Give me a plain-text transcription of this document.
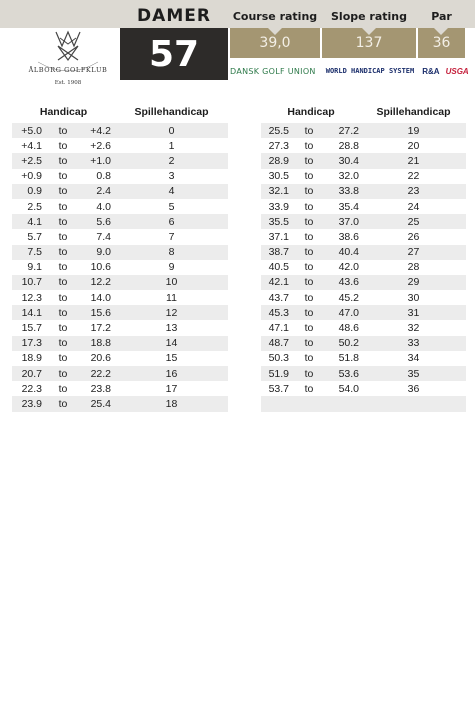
ÅLBORG GOLFKLUB
Est. 1908
DAMER
57
Course rating	Slope rating	Par
39,0	137	36
DANSK GOLF UNION WORLD HANDICAP SYSTEM R&A USGA
Handicap	Spillehandicap
+5.0	to	+4.2	0
+4.1	to	+2.6	1
+2.5	to	+1.0	2
+0.9	to	0.8	3
0.9	to	2.4	4
2.5	to	4.0	5
4.1	to	5.6	6
5.7	to	7.4	7
7.5	to	9.0	8
9.1	to	10.6	9
10.7	to	12.2	10
12.3	to	14.0	11
14.1	to	15.6	12
15.7	to	17.2	13
17.3	to	18.8	14
18.9	to	20.6	15
20.7	to	22.2	16
22.3	to	23.8	17
23.9	to	25.4	18
Handicap	Spillehandicap
25.5	to	27.2	19
27.3	to	28.8	20
28.9	to	30.4	21
30.5	to	32.0	22
32.1	to	33.8	23
33.9	to	35.4	24
35.5	to	37.0	25
37.1	to	38.6	26
38.7	to	40.4	27
40.5	to	42.0	28
42.1	to	43.6	29
43.7	to	45.2	30
45.3	to	47.0	31
47.1	to	48.6	32
48.7	to	50.2	33
50.3	to	51.8	34
51.9	to	53.6	35
53.7	to	54.0	36
